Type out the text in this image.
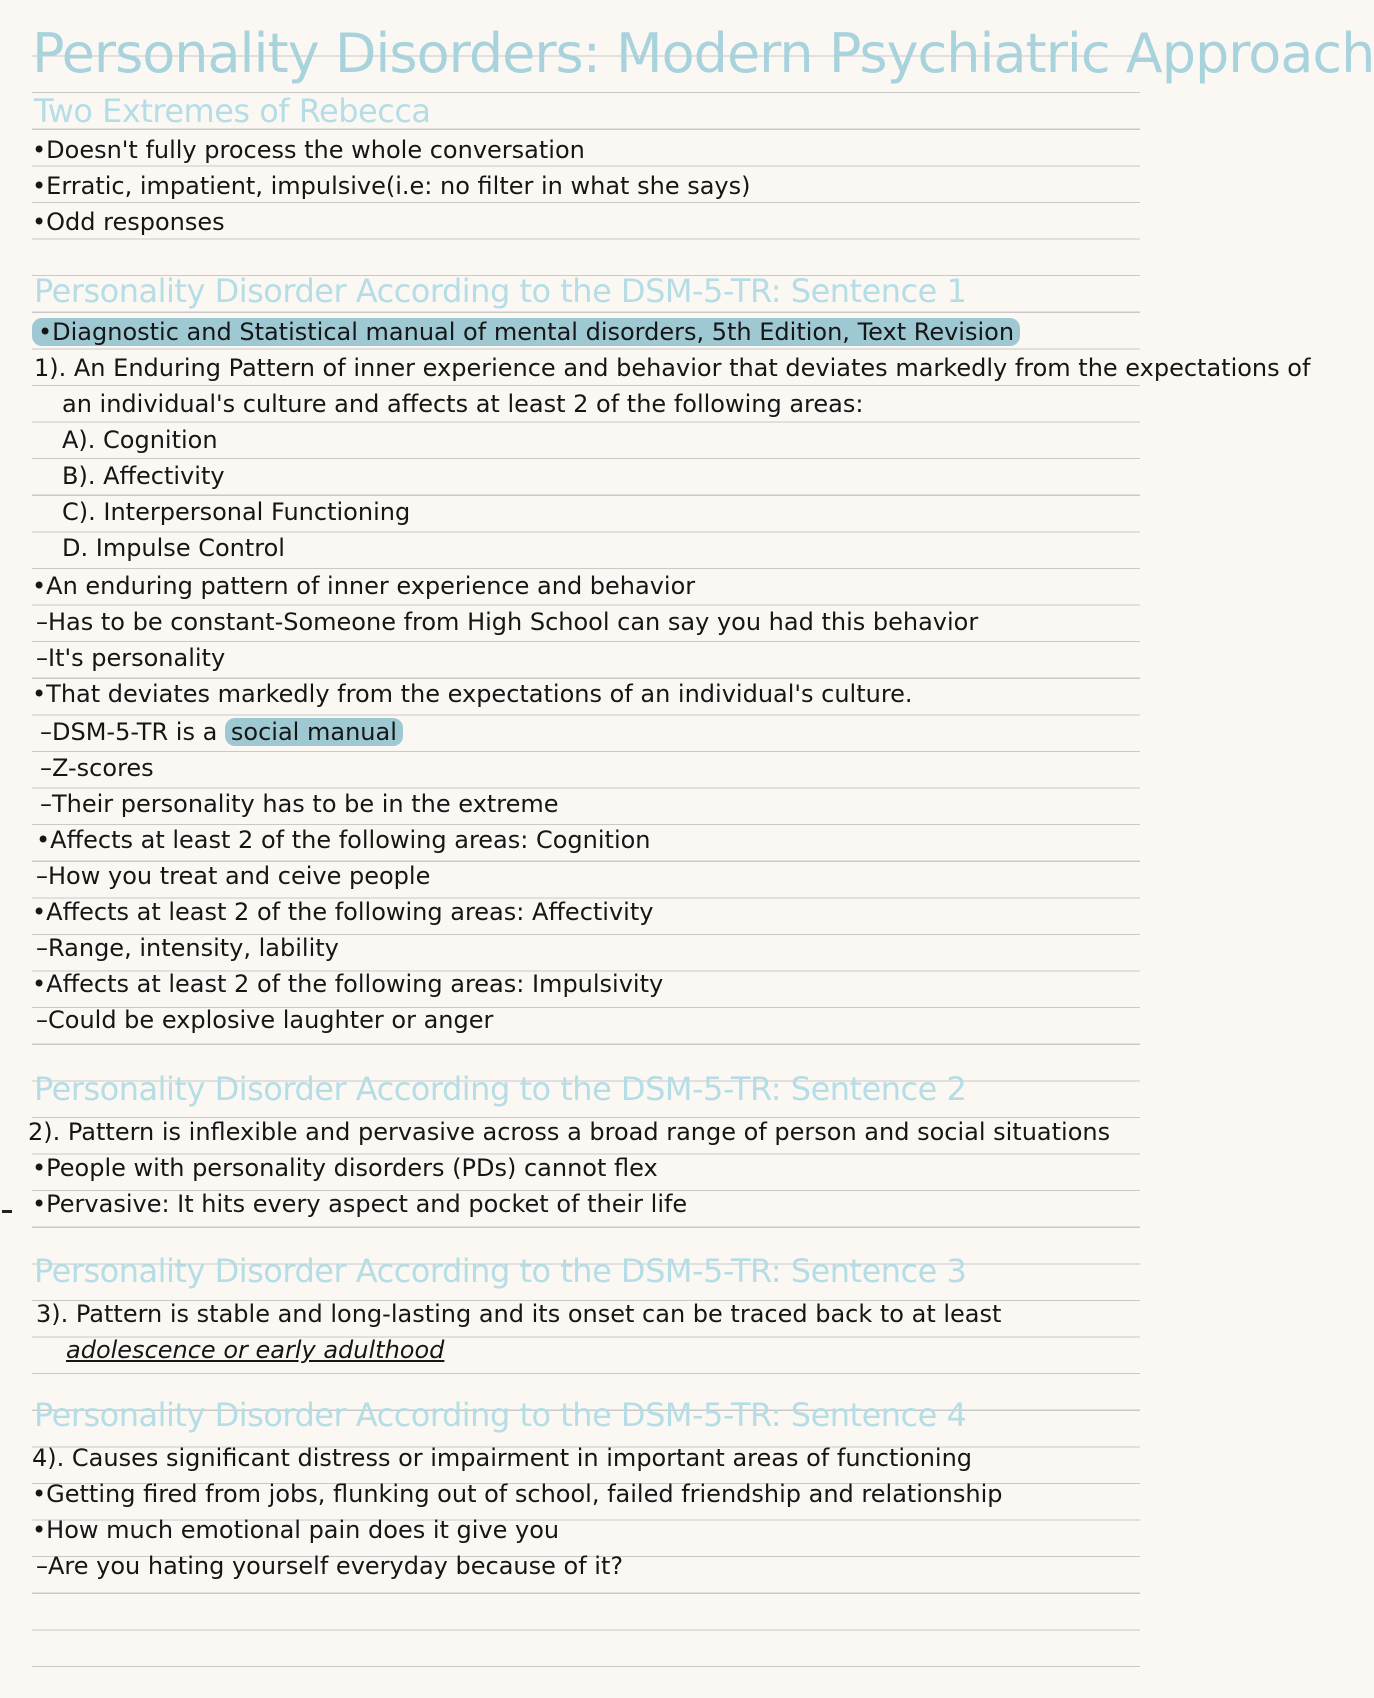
Personality Disorders: Modern Psychiatric Approach
Two Extremes of Rebecca
•Doesn't fully process the whole conversation
•Erratic, impatient, impulsive(i.e: no filter in what she says)
•Odd responses
Personality Disorder According to the DSM-5-TR: Sentence 1
•Diagnostic and Statistical manual of mental disorders, 5th Edition, Text Revision
1). An Enduring Pattern of inner experience and behavior that deviates markedly from the expectations of
an individual's culture and affects at least 2 of the following areas:
A). Cognition
B). Affectivity
C). Interpersonal Functioning
D. Impulse Control
•An enduring pattern of inner experience and behavior
–Has to be constant-Someone from High School can say you had this behavior
–It's personality
•That deviates markedly from the expectations of an individual's culture.
–DSM-5-TR is a social manual
–Z-scores
–Their personality has to be in the extreme
•Affects at least 2 of the following areas: Cognition
–How you treat and ceive people
•Affects at least 2 of the following areas: Affectivity
–Range, intensity, lability
•Affects at least 2 of the following areas: Impulsivity
–Could be explosive laughter or anger
Personality Disorder According to the DSM-5-TR: Sentence 2
2). Pattern is inflexible and pervasive across a broad range of person and social situations
•People with personality disorders (PDs) cannot flex
•Pervasive: It hits every aspect and pocket of their life
Personality Disorder According to the DSM-5-TR: Sentence 3
3). Pattern is stable and long-lasting and its onset can be traced back to at least
adolescence or early adulthood
Personality Disorder According to the DSM-5-TR: Sentence 4
4). Causes significant distress or impairment in important areas of functioning
•Getting fired from jobs, flunking out of school, failed friendship and relationship
•How much emotional pain does it give you
–Are you hating yourself everyday because of it?
